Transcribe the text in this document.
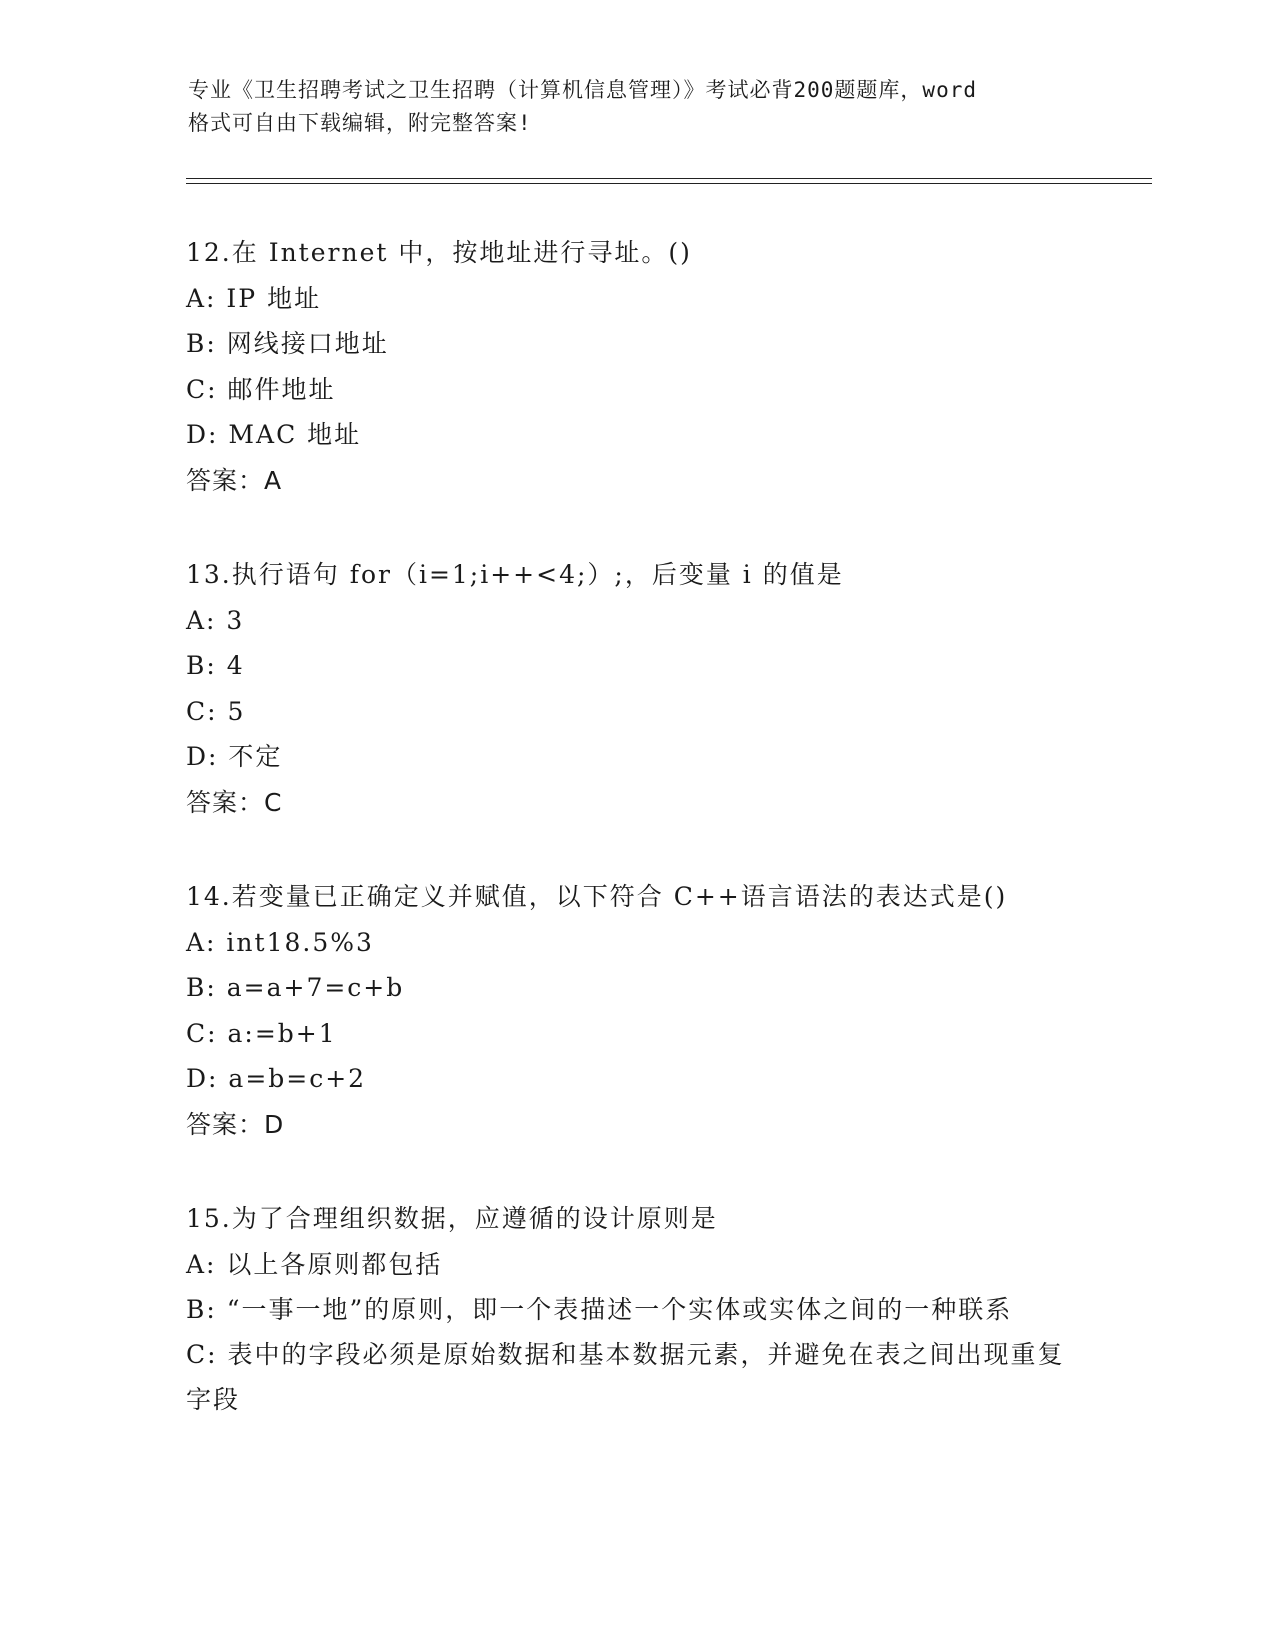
专业《卫生招聘考试之卫生招聘（计算机信息管理）》考试必背200题题库，word
格式可自由下载编辑，附完整答案!
12.在 Internet 中，按地址进行寻址。()
A: IP 地址
B: 网线接口地址
C: 邮件地址
D: MAC 地址
答案：A
13.执行语句 for（i=1;i++<4;）;，后变量 i 的值是
A: 3
B: 4
C: 5
D: 不定
答案：C
14.若变量已正确定义并赋值，以下符合 C++语言语法的表达式是()
A: int18.5%3
B: a=a+7=c+b
C: a:=b+1
D: a=b=c+2
答案：D
15.为了合理组织数据，应遵循的设计原则是
A: 以上各原则都包括
B: “一事一地”的原则，即一个表描述一个实体或实体之间的一种联系
C: 表中的字段必须是原始数据和基本数据元素，并避免在表之间出现重复字段
